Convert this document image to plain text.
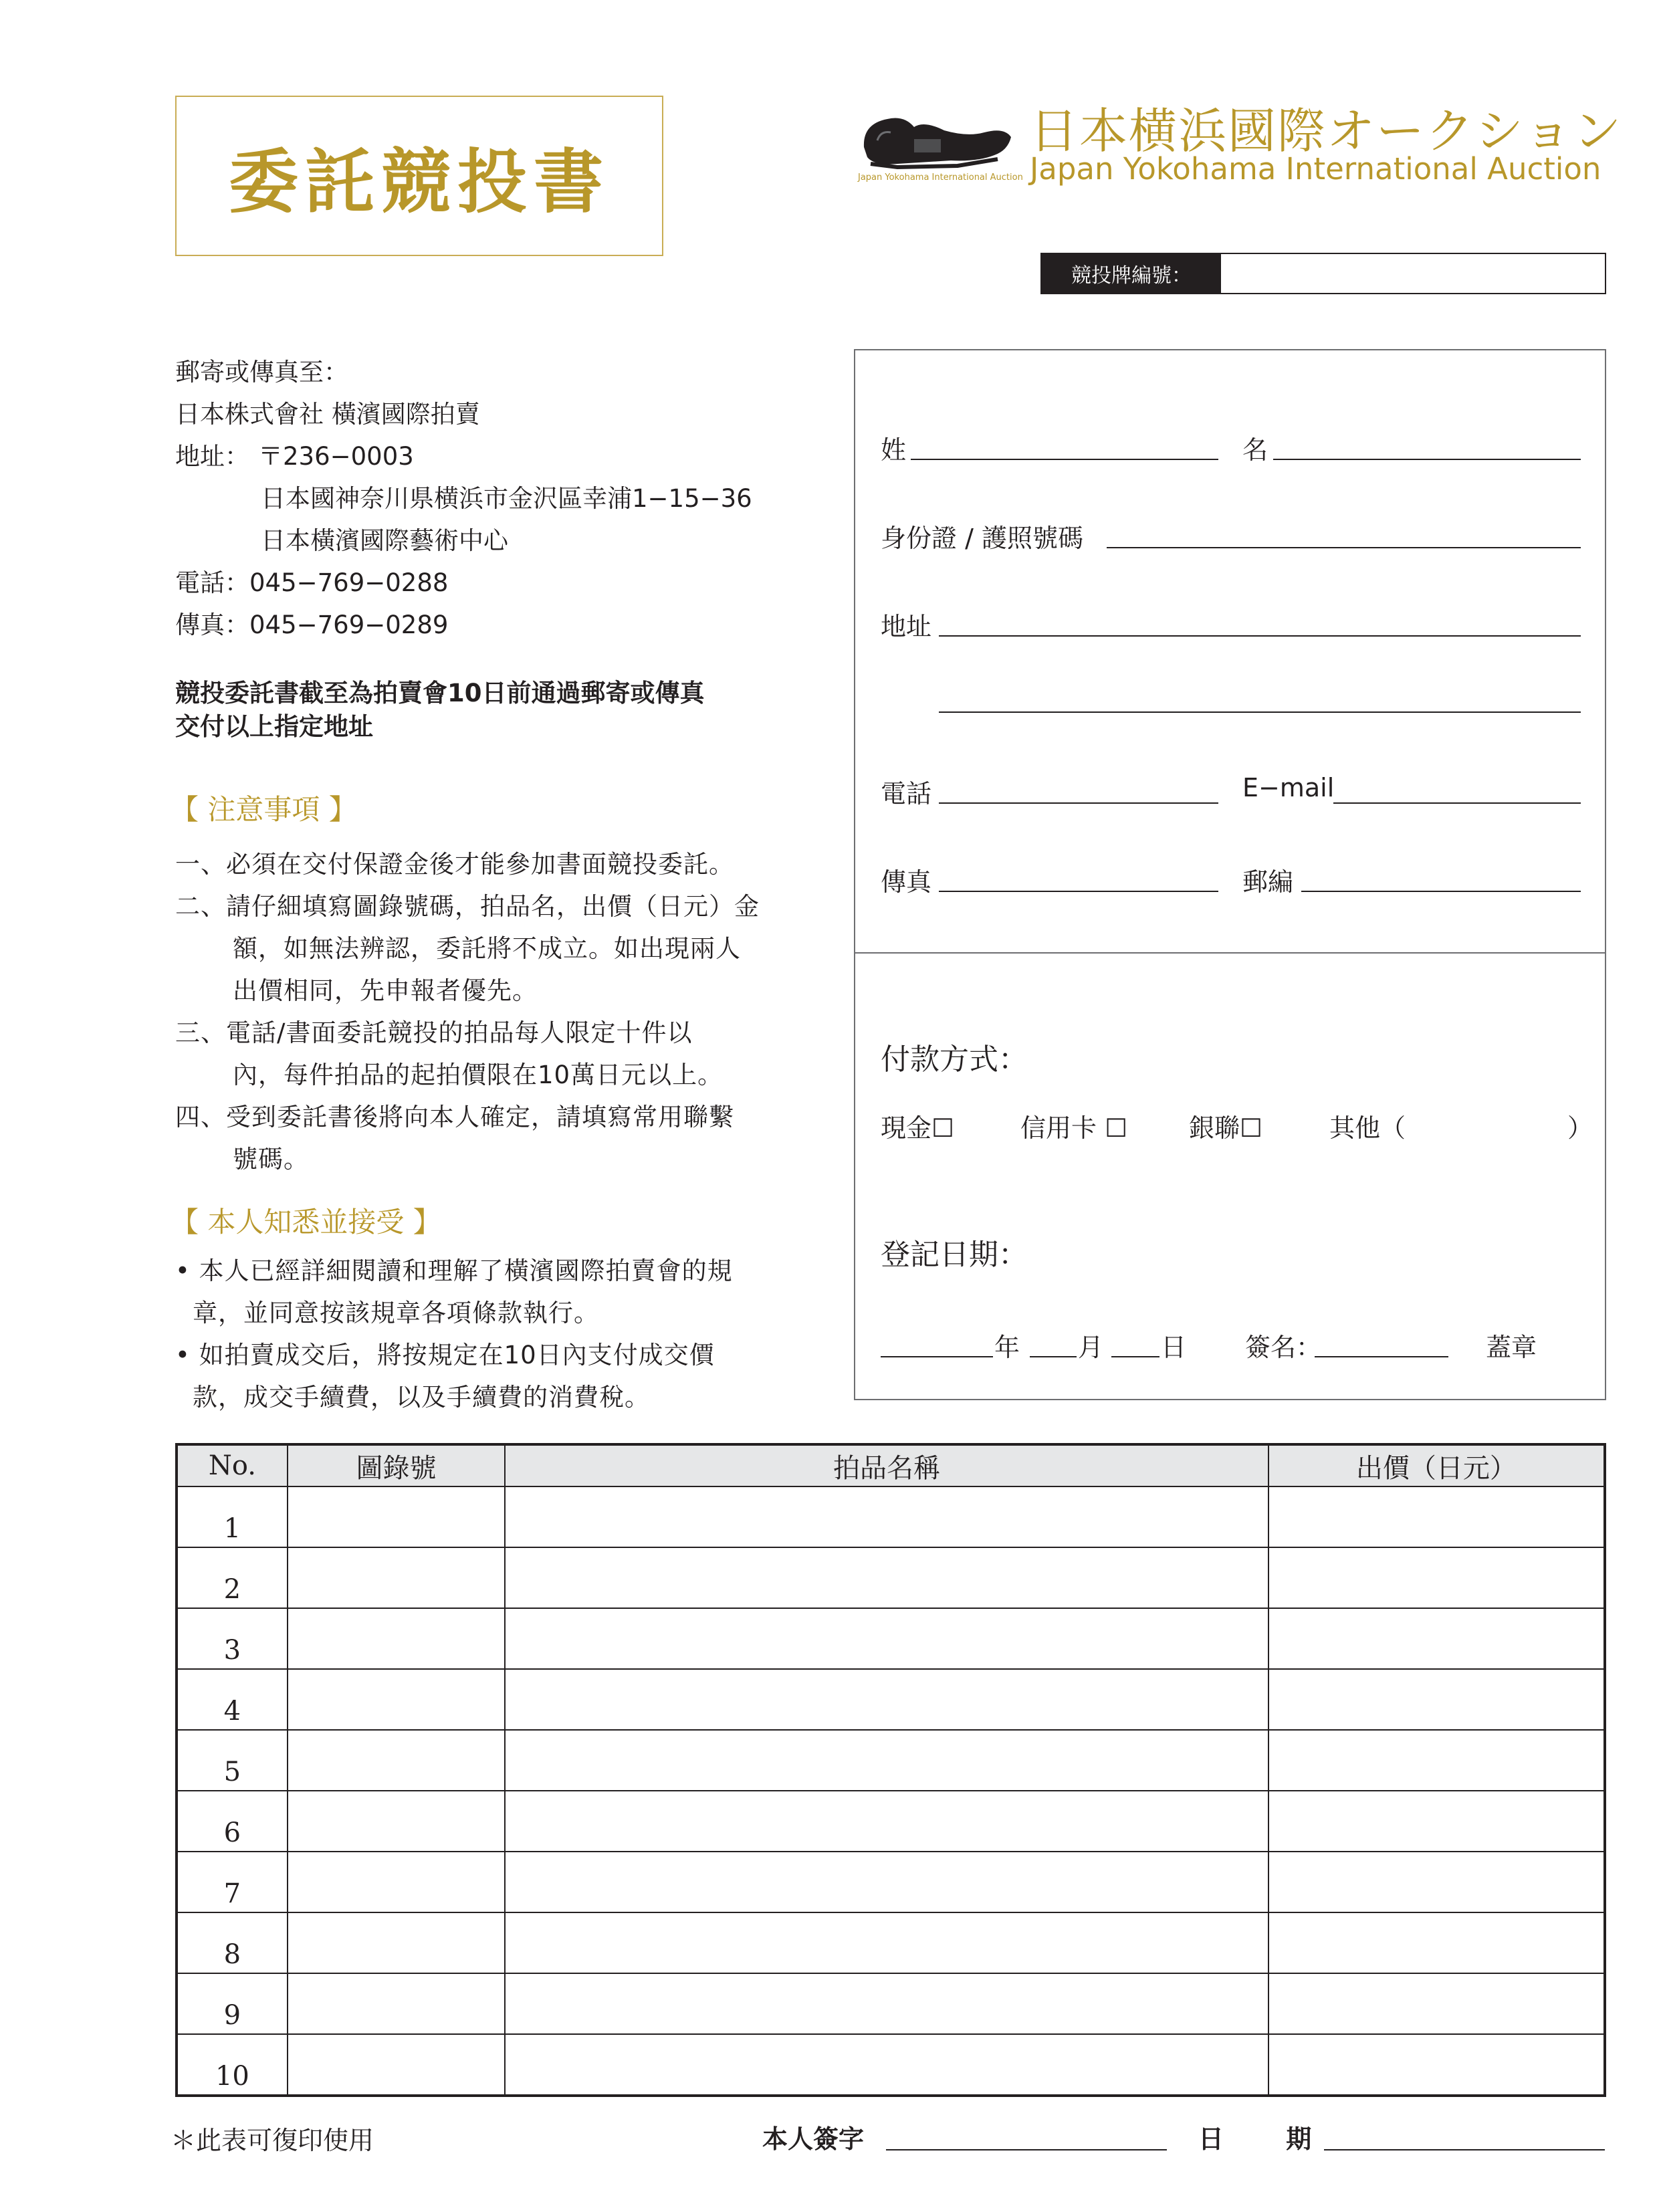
委託競投書	Japan Yokohama International Auction
日本横浜國際オークション
Japan Yokohama International Auction
競投牌編號：
郵寄或傳真至：
日本株式會社 橫濱國際拍賣
地址： 〒236−0003
日本國神奈川県横浜市金沢區幸浦1−15−36
日本橫濱國際藝術中心
電話：045−769−0288
傳真：045−769−0289
競投委託書截至為拍賣會10日前通過郵寄或傳真
交付以上指定地址
【 注意事項 】
一、必須在交付保證金後才能參加書面競投委託。
二、請仔細填寫圖錄號碼，拍品名，出價（日元）金
額，如無法辨認，委託將不成立。如出現兩人
出價相同，先申報者優先。
三、電話/書面委託競投的拍品每人限定十件以
內，每件拍品的起拍價限在10萬日元以上。
四、受到委託書後將向本人確定，請填寫常用聯繫
號碼。
【 本人知悉並接受 】
• 本人已經詳細閱讀和理解了橫濱國際拍賣會的規
章，並同意按該規章各項條款執行。
• 如拍賣成交后，將按規定在10日內支付成交價
款，成交手續費，以及手續費的消費稅。
姓	名
身份證 / 護照號碼
地址
電話	E−mail
傳真	郵編
付款方式：
現金☐	信用卡 ☐ 銀聯☐	其他（	）
登記日期：
年 月 日 簽名：	蓋章
No.	圖錄號	拍品名稱	出價（日元）
1			
2			
3			
4			
5			
6			
7			
8			
9			
10			
＊此表可復印使用	本人簽字	日 期
